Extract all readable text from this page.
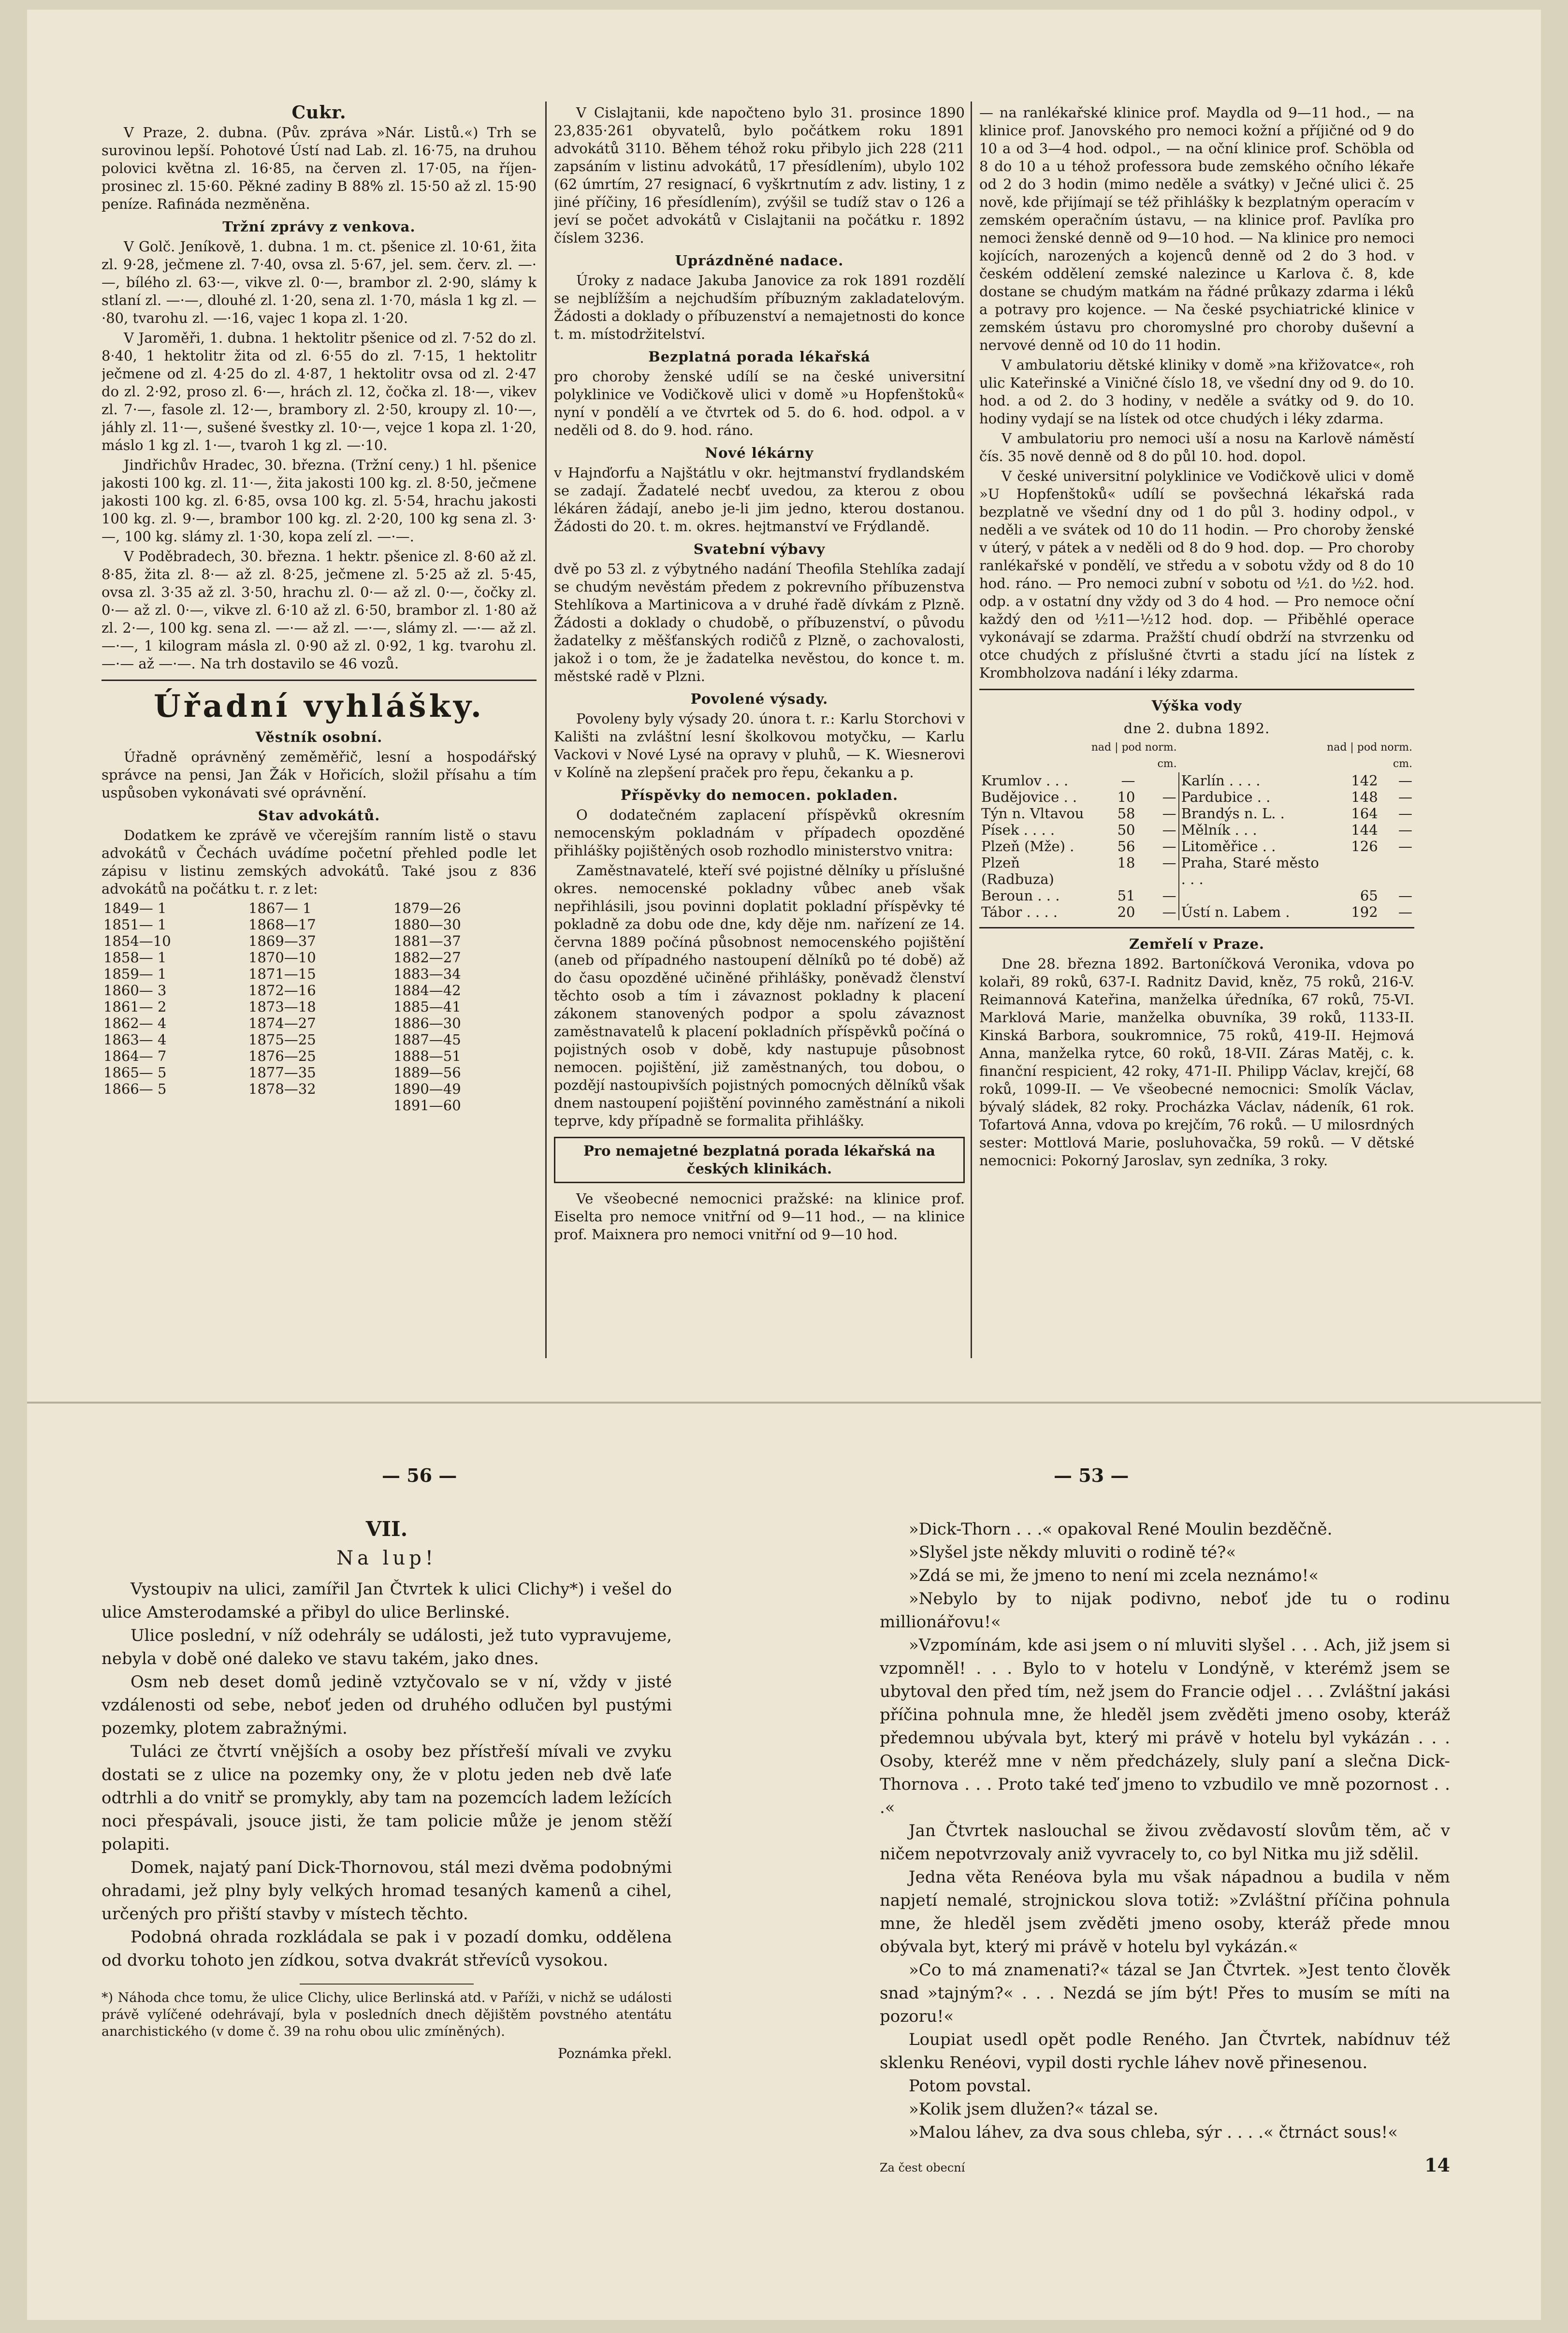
Cukr.

V Praze, 2. dubna. (Pův. zpráva »Nár. Listů.«) Trh se surovinou lepší. Pohotové Ústí nad Lab. zl. 16·75, na druhou polovici května zl. 16·85, na červen zl. 17·05, na říjen-prosinec zl. 15·60. Pěkné zadiny B 88% zl. 15·50 až zl. 15·90 peníze. Rafináda nezměněna.

Tržní zprávy z venkova.

V Golč. Jeníkově, 1. dubna. 1 m. ct. pšenice zl. 10·61, žita zl. 9·28, ječmene zl. 7·40, ovsa zl. 5·67, jel. sem. červ. zl. —·—, bílého zl. 63·—, vikve zl. 0·—, brambor zl. 2·90, slámy k stlaní zl. —·—, dlouhé zl. 1·20, sena zl. 1·70, másla 1 kg zl. —·80, tvarohu zl. —·16, vajec 1 kopa zl. 1·20.

V Jaroměři, 1. dubna. 1 hektolitr pšenice od zl. 7·52 do zl. 8·40, 1 hektolitr žita od zl. 6·55 do zl. 7·15, 1 hektolitr ječmene od zl. 4·25 do zl. 4·87, 1 hektolitr ovsa od zl. 2·47 do zl. 2·92, proso zl. 6·—, hrách zl. 12, čočka zl. 18·—, vikev zl. 7·—, fasole zl. 12·—, brambory zl. 2·50, kroupy zl. 10·—, jáhly zl. 11·—, sušené švestky zl. 10·—, vejce 1 kopa zl. 1·20, máslo 1 kg zl. 1·—, tvaroh 1 kg zl. —·10.

Jindřichův Hradec, 30. března. (Tržní ceny.) 1 hl. pšenice jakosti 100 kg. zl. 11·—, žita jakosti 100 kg. zl. 8·50, ječmene jakosti 100 kg. zl. 6·85, ovsa 100 kg. zl. 5·54, hrachu jakosti 100 kg. zl. 9·—, brambor 100 kg. zl. 2·20, 100 kg sena zl. 3·—, 100 kg. slámy zl. 1·30, kopa zelí zl. —·—.

V Poděbradech, 30. března. 1 hektr. pšenice zl. 8·60 až zl. 8·85, žita zl. 8·— až zl. 8·25, ječmene zl. 5·25 až zl. 5·45, ovsa zl. 3·35 až zl. 3·50, hrachu zl. 0·— až zl. 0·—, čočky zl. 0·— až zl. 0·—, vikve zl. 6·10 až zl. 6·50, brambor zl. 1·80 až zl. 2·—, 100 kg. sena zl. —·— až zl. —·—, slámy zl. —·— až zl. —·—, 1 kilogram másla zl. 0·90 až zl. 0·92, 1 kg. tvarohu zl. —·— až —·—. Na trh dostavilo se 46 vozů.

Úřadní vyhlášky.
Věstník osobní.

Úřadně oprávněný zeměměřič, lesní a hospodářský správce na pensi, Jan Žák v Hořicích, složil přísahu a tím uspůsoben vykonávati své oprávnění.

Stav advokátů.

Dodatkem ke zprávě ve včerejším ranním listě o stavu advokátů v Čechách uvádíme početní přehled podle let zápisu v listinu zemských advokátů. Také jsou z 836 advokátů na počátku t. r. z let:

1849— 1	1867— 1	1879—26
1851— 1	1868—17	1880—30
1854—10	1869—37	1881—37
1858— 1	1870—10	1882—27
1859— 1	1871—15	1883—34
1860— 3	1872—16	1884—42
1861— 2	1873—18	1885—41
1862— 4	1874—27	1886—30
1863— 4	1875—25	1887—45
1864— 7	1876—25	1888—51
1865— 5	1877—35	1889—56
1866— 5	1878—32	1890—49
		1891—60

V Cislajtanii, kde napočteno bylo 31. prosince 1890 23,835·261 obyvatelů, bylo počátkem roku 1891 advokátů 3110. Během téhož roku přibylo jich 228 (211 zapsáním v listinu advokátů, 17 přesídlením), ubylo 102 (62 úmrtím, 27 resignací, 6 vyškrtnutím z adv. listiny, 1 z jiné příčiny, 16 přesídlením), zvýšil se tudíž stav o 126 a jeví se počet advokátů v Cislajtanii na počátku r. 1892 číslem 3236.

Uprázdněné nadace.

Úroky z nadace Jakuba Janovice za rok 1891 rozdělí se nejblížším a nejchudším příbuzným zakladatelovým. Žádosti a doklady o příbuzenství a nemajetnosti do konce t. m. místodržitelství.

Bezplatná porada lékařská

pro choroby ženské udílí se na české universitní polyklinice ve Vodičkově ulici v domě »u Hopfenštoků« nyní v pondělí a ve čtvrtek od 5. do 6. hod. odpol. a v neděli od 8. do 9. hod. ráno.

Nové lékárny

v Hajnďorfu a Najštátlu v okr. hejtmanství frydlandském se zadají. Žadatelé necbť uvedou, za kterou z obou lékáren žádají, anebo je-li jim jedno, kterou dostanou. Žádosti do 20. t. m. okres. hejtmanství ve Frýdlandě.

Svatební výbavy

dvě po 53 zl. z výbytného nadání Theofila Stehlíka zadají se chudým nevěstám předem z pokrevního příbuzenstva Stehlíkova a Martinicova a v druhé řadě dívkám z Plzně. Žádosti a doklady o chudobě, o příbuzenství, o původu žadatelky z měšťanských rodičů z Plzně, o zachovalosti, jakož i o tom, že je žadatelka nevěstou, do konce t. m. městské radě v Plzni.

Povolené výsady.

Povoleny byly výsady 20. února t. r.: Karlu Storchovi v Kališti na zvláštní lesní školkovou motyčku, — Karlu Vackovi v Nové Lysé na opravy v pluhů, — K. Wiesnerovi v Kolíně na zlepšení praček pro řepu, čekanku a p.

Příspěvky do nemocen. pokladen.

O dodatečném zaplacení příspěvků okresním nemocenským pokladnám v případech opozděné přihlášky pojištěných osob rozhodlo ministerstvo vnitra:

Zaměstnavatelé, kteří své pojistné dělníky u příslušné okres. nemocenské pokladny vůbec aneb však nepřihlásili, jsou povinni doplatit pokladní příspěvky té pokladně za dobu ode dne, kdy děje nm. nařízení ze 14. června 1889 počíná působnost nemocenského pojištění (aneb od případného nastoupení dělníků po té době) až do času opozděné učiněné přihlášky, poněvadž členství těchto osob a tím i závaznost pokladny k placení zákonem stanovených podpor a spolu závaznost zaměstnavatelů k placení pokladních příspěvků počíná o pojistných osob v době, kdy nastupuje působnost nemocen. pojištění, již zaměstnaných, tou dobou, o pozdějí nastoupivších pojistných pomocných dělníků však dnem nastoupení pojištění povinného zaměstnání a nikoli teprve, kdy případně se formalita přihlášky.

Pro nemajetné bezplatná porada lékařská na českých klinikách.

Ve všeobecné nemocnici pražské: na klinice prof. Eiselta pro nemoce vnitřní od 9—11 hod., — na klinice prof. Maixnera pro nemoci vnitřní od 9—10 hod.

— na ranlékařské klinice prof. Maydla od 9—11 hod., — na klinice prof. Janovského pro nemoci kožní a příjičné od 9 do 10 a od 3—4 hod. odpol., — na oční klinice prof. Schöbla od 8 do 10 a u téhož professora bude zemského očního lékaře od 2 do 3 hodin (mimo neděle a svátky) v Ječné ulici č. 25 nově, kde přijímají se též přihlášky k bezplatným operacím v zemském operačním ústavu, — na klinice prof. Pavlíka pro nemoci ženské denně od 9—10 hod. — Na klinice pro nemoci kojících, narozených a kojenců denně od 2 do 3 hod. v českém oddělení zemské nalezince u Karlova č. 8, kde dostane se chudým matkám na řádné průkazy zdarma i léků a potravy pro kojence. — Na české psychiatrické klinice v zemském ústavu pro choromyslné pro choroby duševní a nervové denně od 10 do 11 hodin.

V ambulatoriu dětské kliniky v domě »na křižovatce«, roh ulic Kateřinské a Viničné číslo 18, ve všední dny od 9. do 10. hod. a od 2. do 3 hodiny, v neděle a svátky od 9. do 10. hodiny vydají se na lístek od otce chudých i léky zdarma.

V ambulatoriu pro nemoci uší a nosu na Karlově náměstí čís. 35 nově denně od 8 do půl 10. hod. dopol.

V české universitní polyklinice ve Vodičkově ulici v domě »U Hopfenštoků« udílí se povšechná lékařská rada bezplatně ve všední dny od 1 do půl 3. hodiny odpol., v neděli a ve svátek od 10 do 11 hodin. — Pro choroby ženské v úterý, v pátek a v neděli od 8 do 9 hod. dop. — Pro choroby ranlékařské v pondělí, ve středu a v sobotu vždy od 8 do 10 hod. ráno. — Pro nemoci zubní v sobotu od ½1. do ½2. hod. odp. a v ostatní dny vždy od 3 do 4 hod. — Pro nemoce oční každý den od ½11—½12 hod. dop. — Přiběhlé operace vykonávají se zdarma. Pražští chudí obdrží na stvrzenku od otce chudých z příslušné čtvrti a stadu jící na lístek z Krombholzova nadání i léky zdarma.

Výška vody
dne 2. dubna 1892.
	nad | pod norm. cm.			nad | pod norm. cm.	
Krumlov . . .	—		Karlín . . . .	142	—
Budějovice . .	10	—	Pardubice . .	148	—
Týn n. Vltavou	58	—	Brandýs n. L. .	164	—
Písek . . . .	50	—	Mělník . . .	144	—
Plzeň (Mže) .	56	—	Litoměřice . .	126	—
Plzeň (Radbuza)	18	—	Praha, Staré město . . .		
Beroun . . .	51	—		65	—
Tábor . . . .	20	—	Ústí n. Labem .	192	—
Zemřelí v Praze.

Dne 28. března 1892. Bartoníčková Veronika, vdova po kolaři, 89 roků, 637-I. Radnitz David, kněz, 75 roků, 216-V. Reimannová Kateřina, manželka úředníka, 67 roků, 75-VI. Marklová Marie, manželka obuvníka, 39 roků, 1133-II. Kinská Barbora, soukromnice, 75 roků, 419-II. Hejmová Anna, manželka rytce, 60 roků, 18-VII. Záras Matěj, c. k. finanční respicient, 42 roky, 471-II. Philipp Václav, krejčí, 68 roků, 1099-II. — Ve všeobecné nemocnici: Smolík Václav, bývalý sládek, 82 roky. Procházka Václav, nádeník, 61 rok. Tofartová Anna, vdova po krejčím, 76 roků. — U milosrdných sester: Mottlová Marie, posluhovačka, 59 roků. — V dětské nemocnici: Pokorný Jaroslav, syn zedníka, 3 roky.

— 56 —	— 53 —
VII.
Na lup!

Vystoupiv na ulici, zamířil Jan Čtvrtek k ulici Clichy*) i vešel do ulice Amsterodamské a přibyl do ulice Berlinské.

Ulice poslední, v níž odehrály se události, jež tuto vypravujeme, nebyla v době oné daleko ve stavu takém, jako dnes.

Osm neb deset domů jedině vztyčovalo se v ní, vždy v jisté vzdálenosti od sebe, neboť jeden od druhého odlučen byl pustými pozemky, plotem zabražnými.

Tuláci ze čtvrtí vnějších a osoby bez přístřeší mívali ve zvyku dostati se z ulice na pozemky ony, že v plotu jeden neb dvě laťe odtrhli a do vnitř se promykly, aby tam na pozemcích ladem ležících noci přespávali, jsouce jisti, že tam policie může je jenom stěží polapiti.

Domek, najatý paní Dick-Thornovou, stál mezi dvěma podobnými ohradami, jež plny byly velkých hromad tesaných kamenů a cihel, určených pro přiští stavby v místech těchto.

Podobná ohrada rozkládala se pak i v pozadí domku, oddělena od dvorku tohoto jen zídkou, sotva dvakrát střevíců vysokou.

*) Náhoda chce tomu, že ulice Clichy, ulice Berlinská atd. v Paříži, v nichž se události právě vylíčené odehrávají, byla v posledních dnech dějištěm povstného atentátu anarchistického (v dome č. 39 na rohu obou ulic zmíněných).
Poznámka překl.

»Dick-Thorn . . .« opakoval René Moulin bezděčně.

»Slyšel jste někdy mluviti o rodině té?«

»Zdá se mi, že jmeno to není mi zcela neznámo!«

»Nebylo by to nijak podivno, neboť jde tu o rodinu millionářovu!«

»Vzpomínám, kde asi jsem o ní mluviti slyšel . . . Ach, již jsem si vzpomněl! . . . Bylo to v hotelu v Londýně, v kterémž jsem se ubytoval den před tím, než jsem do Francie odjel . . . Zvláštní jakási příčina pohnula mne, že hleděl jsem zvěděti jmeno osoby, kteráž předemnou ubývala byt, který mi právě v hotelu byl vykázán . . . Osoby, kteréž mne v něm předcházely, sluly paní a slečna Dick-Thornova . . . Proto také teď jmeno to vzbudilo ve mně pozornost . . .«

Jan Čtvrtek naslouchal se živou zvědavostí slovům těm, ač v ničem nepotvrzovaly aniž vyvracely to, co byl Nitka mu již sdělil.

Jedna věta Renéova byla mu však nápadnou a budila v něm napjetí nemalé, strojnickou slova totiž: »Zvláštní příčina pohnula mne, že hleděl jsem zvěděti jmeno osoby, kteráž přede mnou obývala byt, který mi právě v hotelu byl vykázán.«

»Co to má znamenati?« tázal se Jan Čtvrtek. »Jest tento člověk snad »tajným?« . . . Nezdá se jím být! Přes to musím se míti na pozoru!«

Loupiat usedl opět podle Reného. Jan Čtvrtek, nabídnuv též sklenku Renéovi, vypil dosti rychle láhev nově přinesenou.

Potom povstal.

»Kolik jsem dlužen?« tázal se.

»Malou láhev, za dva sous chleba, sýr . . . .« čtrnáct sous!«

Za čest obecní	14
